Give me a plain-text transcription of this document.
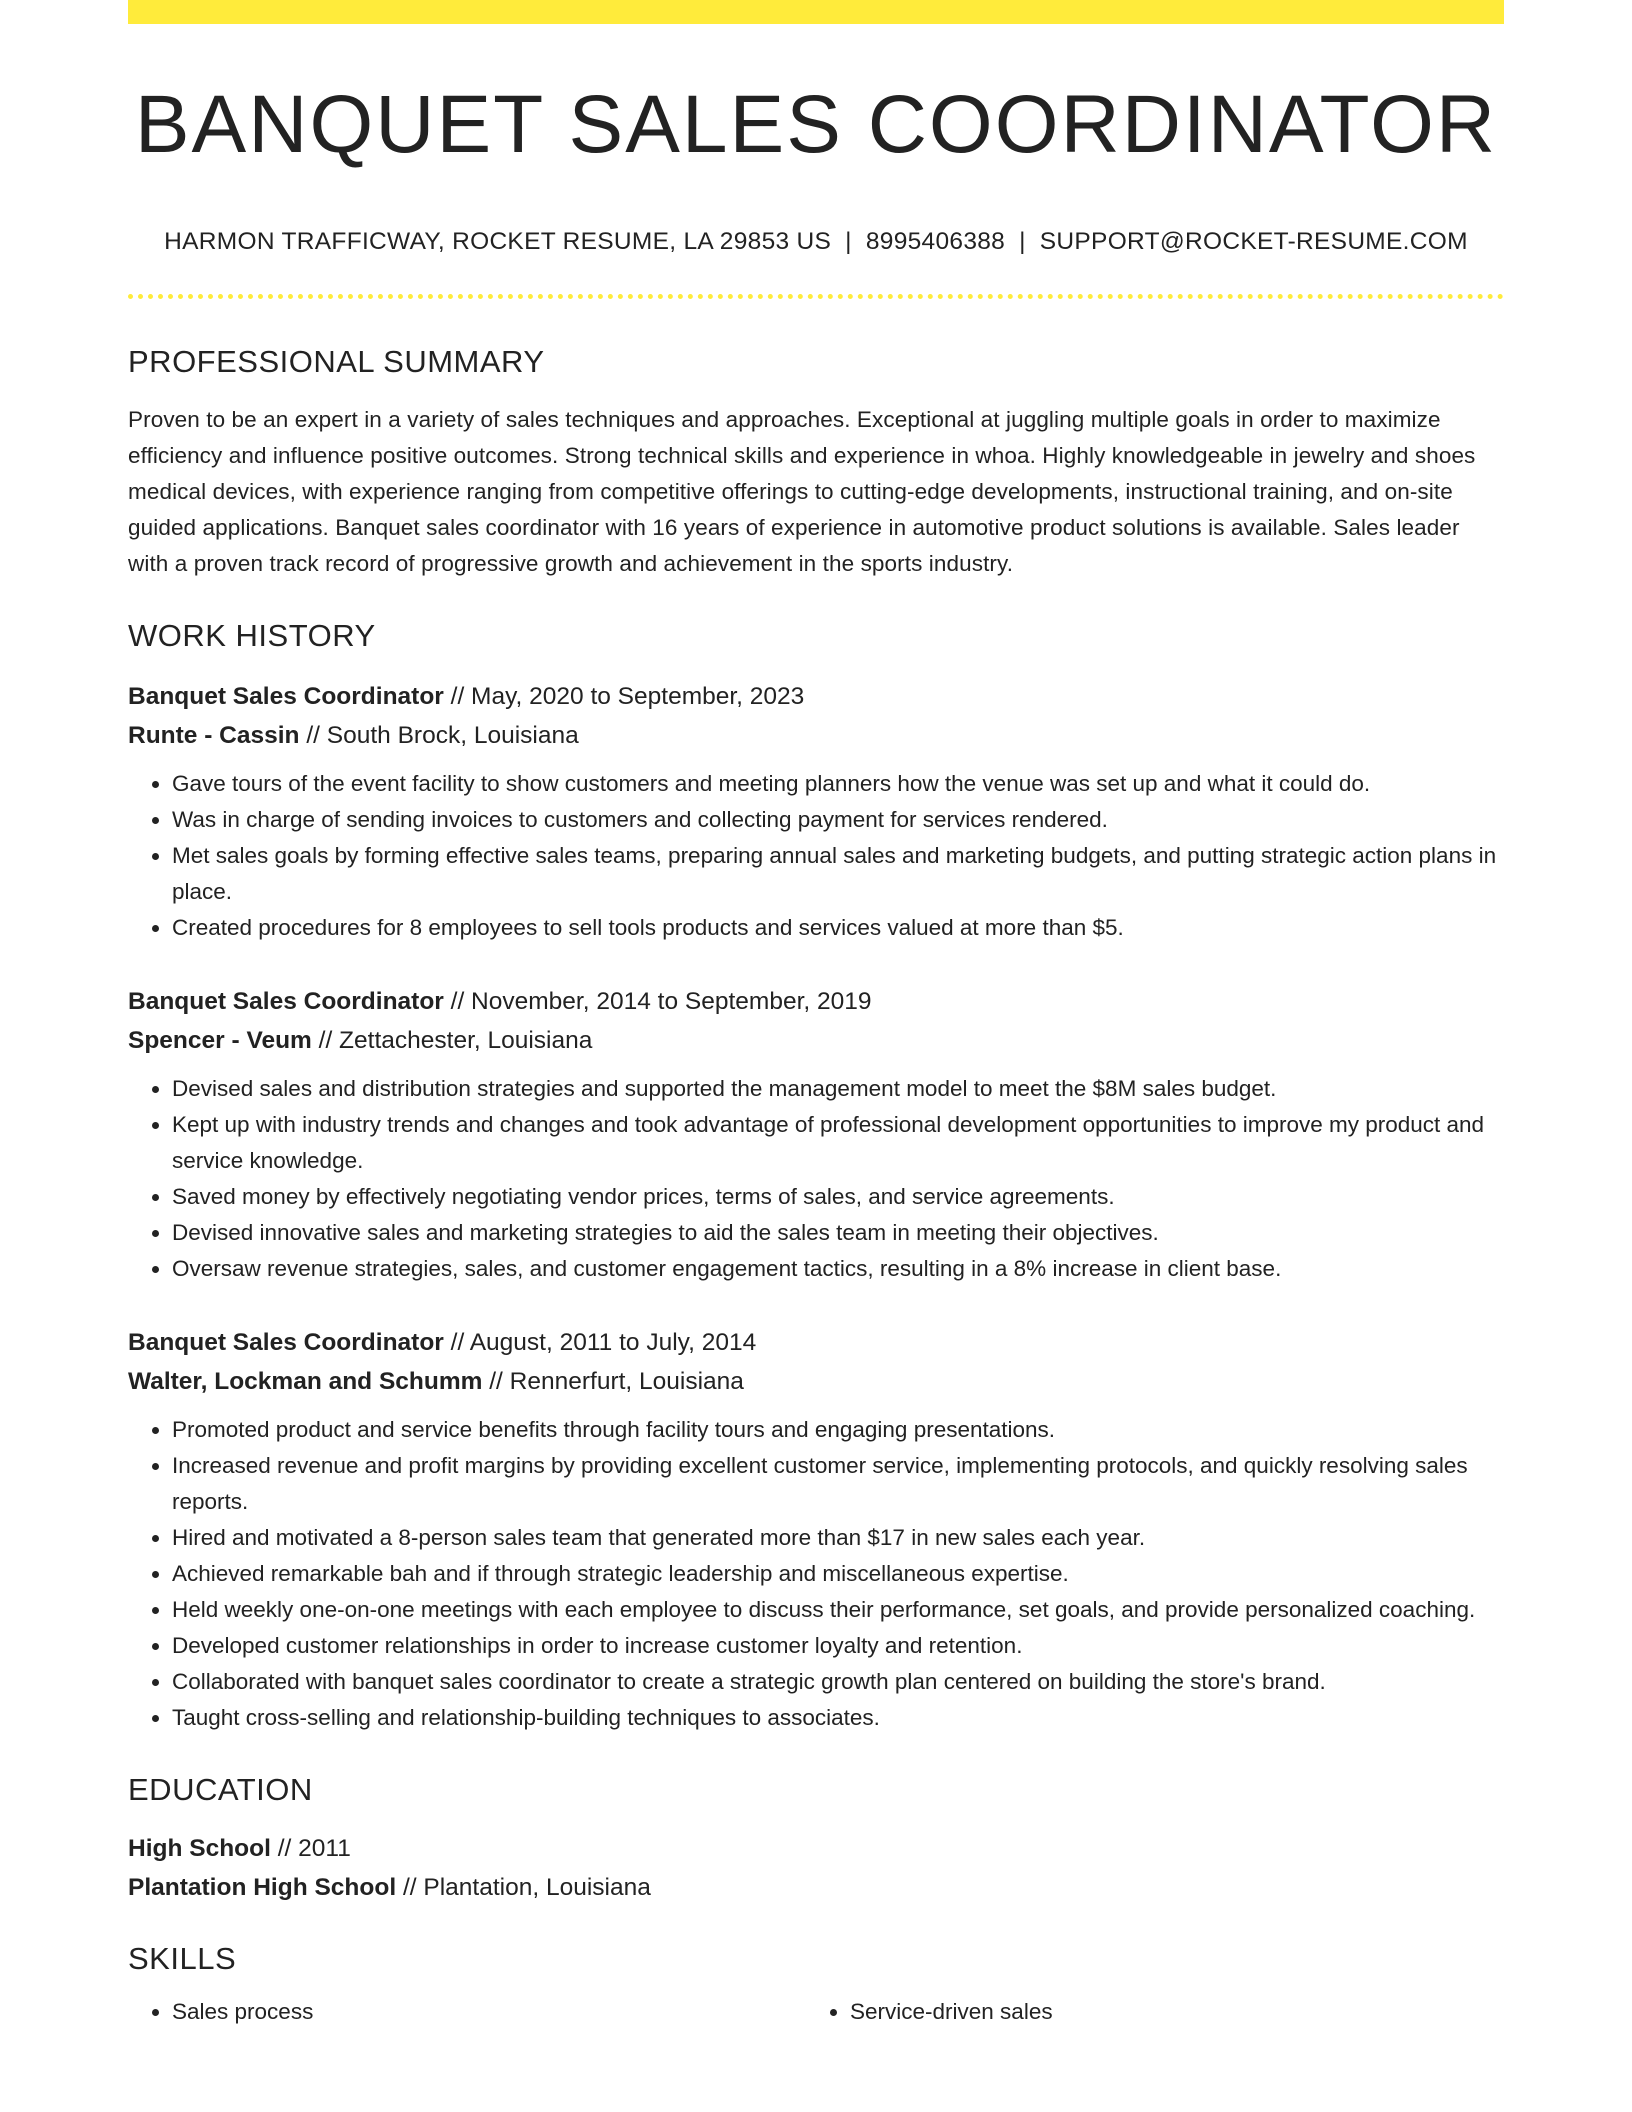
BANQUET SALES COORDINATOR
HARMON TRAFFICWAY, ROCKET RESUME, LA 29853 US | 8995406388 | SUPPORT@ROCKET-RESUME.COM
PROFESSIONAL SUMMARY

Proven to be an expert in a variety of sales techniques and approaches. Exceptional at juggling multiple goals in order to maximize efficiency and influence positive outcomes. Strong technical skills and experience in whoa. Highly knowledgeable in jewelry and shoes medical devices, with experience ranging from competitive offerings to cutting-edge developments, instructional training, and on-site guided applications. Banquet sales coordinator with 16 years of experience in automotive product solutions is available. Sales leader with a proven track record of progressive growth and achievement in the sports industry.

WORK HISTORY
Banquet Sales Coordinator // May, 2020 to September, 2023
Runte - Cassin // South Brock, Louisiana
• Gave tours of the event facility to show customers and meeting planners how the venue was set up and what it could do.
• Was in charge of sending invoices to customers and collecting payment for services rendered.
• Met sales goals by forming effective sales teams, preparing annual sales and marketing budgets, and putting strategic action plans in place.
• Created procedures for 8 employees to sell tools products and services valued at more than $5.
Banquet Sales Coordinator // November, 2014 to September, 2019
Spencer - Veum // Zettachester, Louisiana
• Devised sales and distribution strategies and supported the management model to meet the $8M sales budget.
• Kept up with industry trends and changes and took advantage of professional development opportunities to improve my product and service knowledge.
• Saved money by effectively negotiating vendor prices, terms of sales, and service agreements.
• Devised innovative sales and marketing strategies to aid the sales team in meeting their objectives.
• Oversaw revenue strategies, sales, and customer engagement tactics, resulting in a 8% increase in client base.
Banquet Sales Coordinator // August, 2011 to July, 2014
Walter, Lockman and Schumm // Rennerfurt, Louisiana
• Promoted product and service benefits through facility tours and engaging presentations.
• Increased revenue and profit margins by providing excellent customer service, implementing protocols, and quickly resolving sales reports.
• Hired and motivated a 8-person sales team that generated more than $17 in new sales each year.
• Achieved remarkable bah and if through strategic leadership and miscellaneous expertise.
• Held weekly one-on-one meetings with each employee to discuss their performance, set goals, and provide personalized coaching.
• Developed customer relationships in order to increase customer loyalty and retention.
• Collaborated with banquet sales coordinator to create a strategic growth plan centered on building the store's brand.
• Taught cross-selling and relationship-building techniques to associates.
EDUCATION
High School // 2011
Plantation High School // Plantation, Louisiana
SKILLS
• Sales process
•	Service-driven sales
